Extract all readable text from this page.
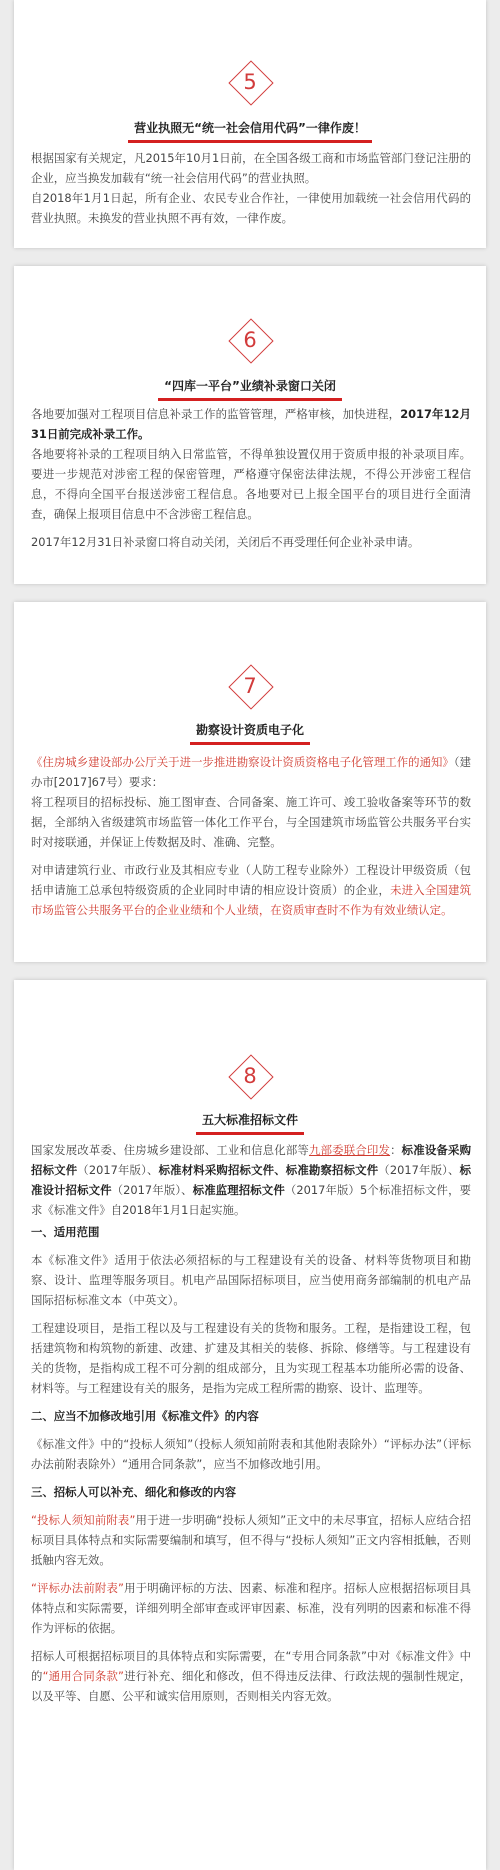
5
营业执照无“统一社会信用代码”一律作废！

根据国家有关规定，凡2015年10月1日前，在全国各级工商和市场监管部门登记注册的企业，应当换发加载有“统一社会信用代码”的营业执照。

自2018年1月1日起，所有企业、农民专业合作社，一律使用加载统一社会信用代码的营业执照。未换发的营业执照不再有效，一律作废。

6
“四库一平台”业绩补录窗口关闭

各地要加强对工程项目信息补录工作的监管管理，严格审核，加快进程，2017年12月31日前完成补录工作。

各地要将补录的工程项目纳入日常监管，不得单独设置仅用于资质申报的补录项目库。要进一步规范对涉密工程的保密管理，严格遵守保密法律法规，不得公开涉密工程信息，不得向全国平台报送涉密工程信息。各地要对已上报全国平台的项目进行全面清查，确保上报项目信息中不含涉密工程信息。

2017年12月31日补录窗口将自动关闭，关闭后不再受理任何企业补录申请。

7
勘察设计资质电子化

《住房城乡建设部办公厅关于进一步推进勘察设计资质资格电子化管理工作的通知》（建办市[2017]67号）要求：

将工程项目的招标投标、施工图审查、合同备案、施工许可、竣工验收备案等环节的数据，全部纳入省级建筑市场监管一体化工作平台，与全国建筑市场监管公共服务平台实时对接联通，并保证上传数据及时、准确、完整。

对申请建筑行业、市政行业及其相应专业（人防工程专业除外）工程设计甲级资质（包括申请施工总承包特级资质的企业同时申请的相应设计资质）的企业，未进入全国建筑市场监管公共服务平台的企业业绩和个人业绩，在资质审查时不作为有效业绩认定。

8
五大标准招标文件

国家发展改革委、住房城乡建设部、工业和信息化部等九部委联合印发：标准设备采购招标文件（2017年版）、标准材料采购招标文件、标准勘察招标文件（2017年版）、标准设计招标文件（2017年版）、标准监理招标文件（2017年版）5个标准招标文件，要求《标准文件》自2018年1月1日起实施。

一、适用范围

本《标准文件》适用于依法必须招标的与工程建设有关的设备、材料等货物项目和勘察、设计、监理等服务项目。机电产品国际招标项目，应当使用商务部编制的机电产品国际招标标准文本（中英文）。

工程建设项目，是指工程以及与工程建设有关的货物和服务。工程，是指建设工程，包括建筑物和构筑物的新建、改建、扩建及其相关的装修、拆除、修缮等。与工程建设有关的货物，是指构成工程不可分割的组成部分，且为实现工程基本功能所必需的设备、材料等。与工程建设有关的服务，是指为完成工程所需的勘察、设计、监理等。

二、应当不加修改地引用《标准文件》的内容

《标准文件》中的“投标人须知”（投标人须知前附表和其他附表除外）“评标办法”（评标办法前附表除外）“通用合同条款”，应当不加修改地引用。

三、招标人可以补充、细化和修改的内容

“投标人须知前附表”用于进一步明确“投标人须知”正文中的未尽事宜，招标人应结合招标项目具体特点和实际需要编制和填写，但不得与“投标人须知”正文内容相抵触，否则抵触内容无效。

“评标办法前附表”用于明确评标的方法、因素、标准和程序。招标人应根据招标项目具体特点和实际需要，详细列明全部审查或评审因素、标准，没有列明的因素和标准不得作为评标的依据。

招标人可根据招标项目的具体特点和实际需要，在“专用合同条款”中对《标准文件》中的“通用合同条款”进行补充、细化和修改，但不得违反法律、行政法规的强制性规定，以及平等、自愿、公平和诚实信用原则，否则相关内容无效。
